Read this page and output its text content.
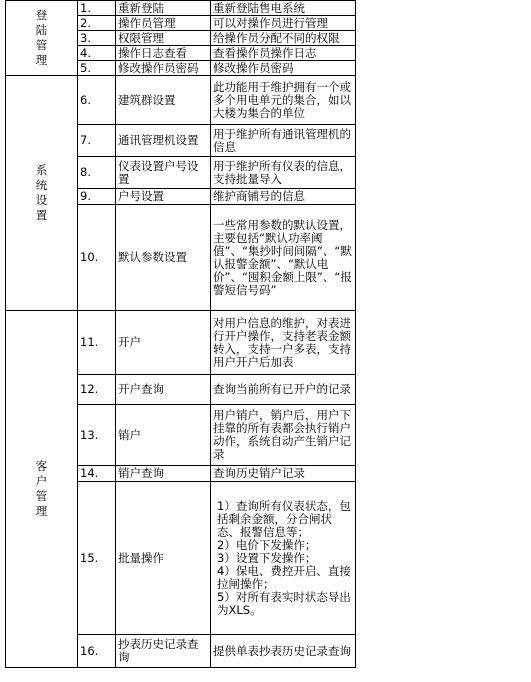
登陆管理	1.	重新登陆	重新登陆售电系统
	2.	操作员管理	可以对操作员进行管理
	3.	权限管理	给操作员分配不同的权限
	4.	操作日志查看	查看操作员操作日志
	5.	修改操作员密码	修改操作员密码

系统设置	6.	建筑群设置	此功能用于维护拥有一个或多个用电单元的集合，如以大楼为集合的单位
	7.	通讯管理机设置	用于维护所有通讯管理机的信息
	8.	仪表设置户号设置	用于维护所有仪表的信息，支持批量导入
	9.	户号设置	维护商铺号的信息
	10.	默认参数设置	一些常用参数的默认设置，主要包括“默认功率阈值”、“集抄时间间隔”、“默认报警金额”、“默认电价”、“囤积金额上限”、“报警短信号码”

客户管理	11.	开户	对用户信息的维护，对表进行开户操作，支持老表金额转入，支持一户多表，支持用户开户后加表
	12.	开户查询	查询当前所有已开户的记录
	13.	销户	用户销户，销户后，用户下挂靠的所有表都会执行销户动作，系统自动产生销户记录
	14.	销户查询	查询历史销户记录
	15.	批量操作	1）查询所有仪表状态，包括剩余金额，分合闸状态、报警信息等；
2）电价下发操作；
3）设置下发操作；
4）保电、费控开启、直接拉闸操作；
5）对所有表实时状态导出为XLS。

	16.	抄表历史记录查询	提供单表抄表历史记录查询
